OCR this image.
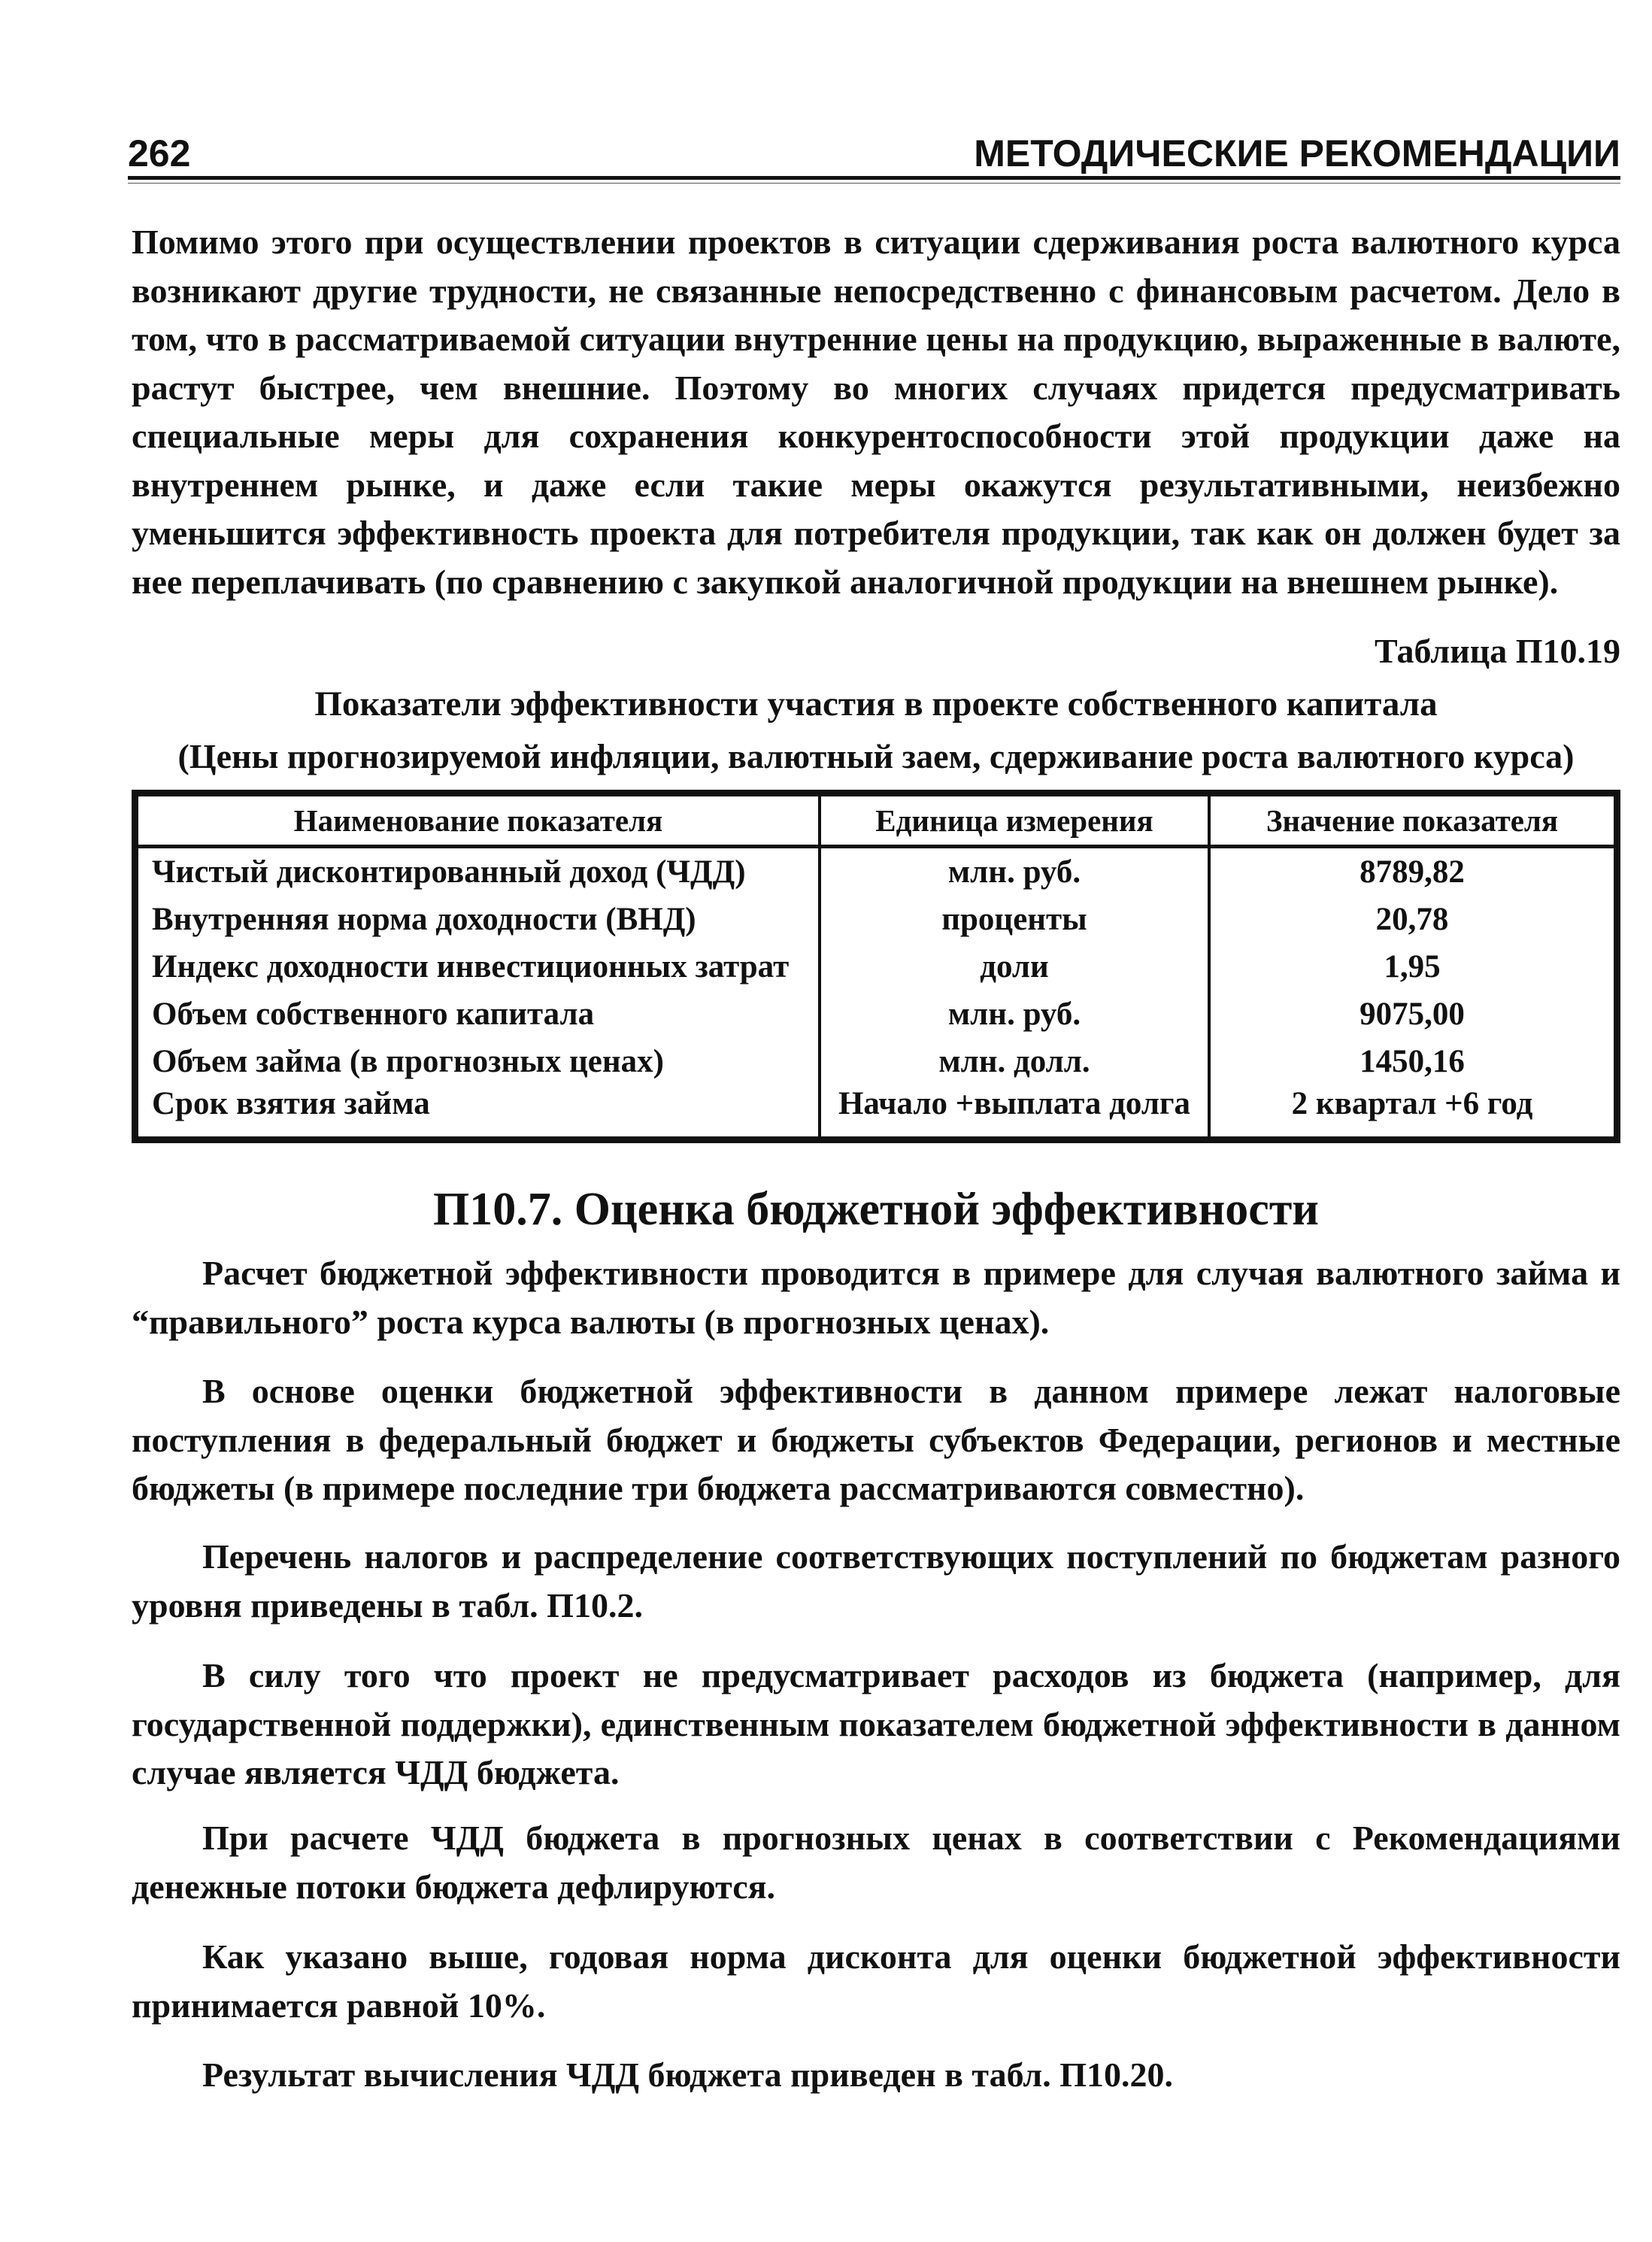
262	МЕТОДИЧЕСКИЕ РЕКОМЕНДАЦИИ

Помимо этого при осуществлении проектов в ситуации сдерживания роста валютного курса возникают другие трудности, не связанные непосредственно с финансовым расчетом. Дело в том, что в рассматриваемой ситуации внутренние цены на продукцию, выраженные в валюте, растут быстрее, чем внешние. Поэтому во многих случаях придется предусматривать специальные меры для сохранения конкурентоспособности этой продукции даже на внутреннем рынке, и даже если такие меры окажутся результативными, неизбежно уменьшится эффективность проекта для потребителя продукции, так как он должен будет за нее переплачивать (по сравнению с закупкой аналогичной продукции на внешнем рынке).

Таблица П10.19
Показатели эффективности участия в проекте собственного капитала
(Цены прогнозируемой инфляции, валютный заем, сдерживание роста валютного курса)
Наименование показателя	Единица измерения	Значение показателя
Чистый дисконтированный доход (ЧДД)	млн. руб.	8789,82
Внутренняя норма доходности (ВНД)	проценты	20,78
Индекс доходности инвестиционных затрат	доли	1,95
Объем собственного капитала	млн. руб.	9075,00
Объем займа (в прогнозных ценах)	млн. долл.	1450,16
Срок взятия займа	Начало +выплата долга	2 квартал +6 год
П10.7. Оценка бюджетной эффективности

Расчет бюджетной эффективности проводится в примере для случая валютного займа и “правильного” роста курса валюты (в прогнозных ценах).

В основе оценки бюджетной эффективности в данном примере лежат налоговые поступления в федеральный бюджет и бюджеты субъектов Федерации, регионов и местные бюджеты (в примере последние три бюджета рассматриваются совместно).

Перечень налогов и распределение соответствующих поступлений по бюджетам разного уровня приведены в табл. П10.2.

В силу того что проект не предусматривает расходов из бюджета (например, для государственной поддержки), единственным показателем бюджетной эффективности в данном случае является ЧДД бюджета.

При расчете ЧДД бюджета в прогнозных ценах в соответствии с Рекомендациями денежные потоки бюджета дефлируются.

Как указано выше, годовая норма дисконта для оценки бюджетной эффективности принимается равной 10%.

Результат вычисления ЧДД бюджета приведен в табл. П10.20.
